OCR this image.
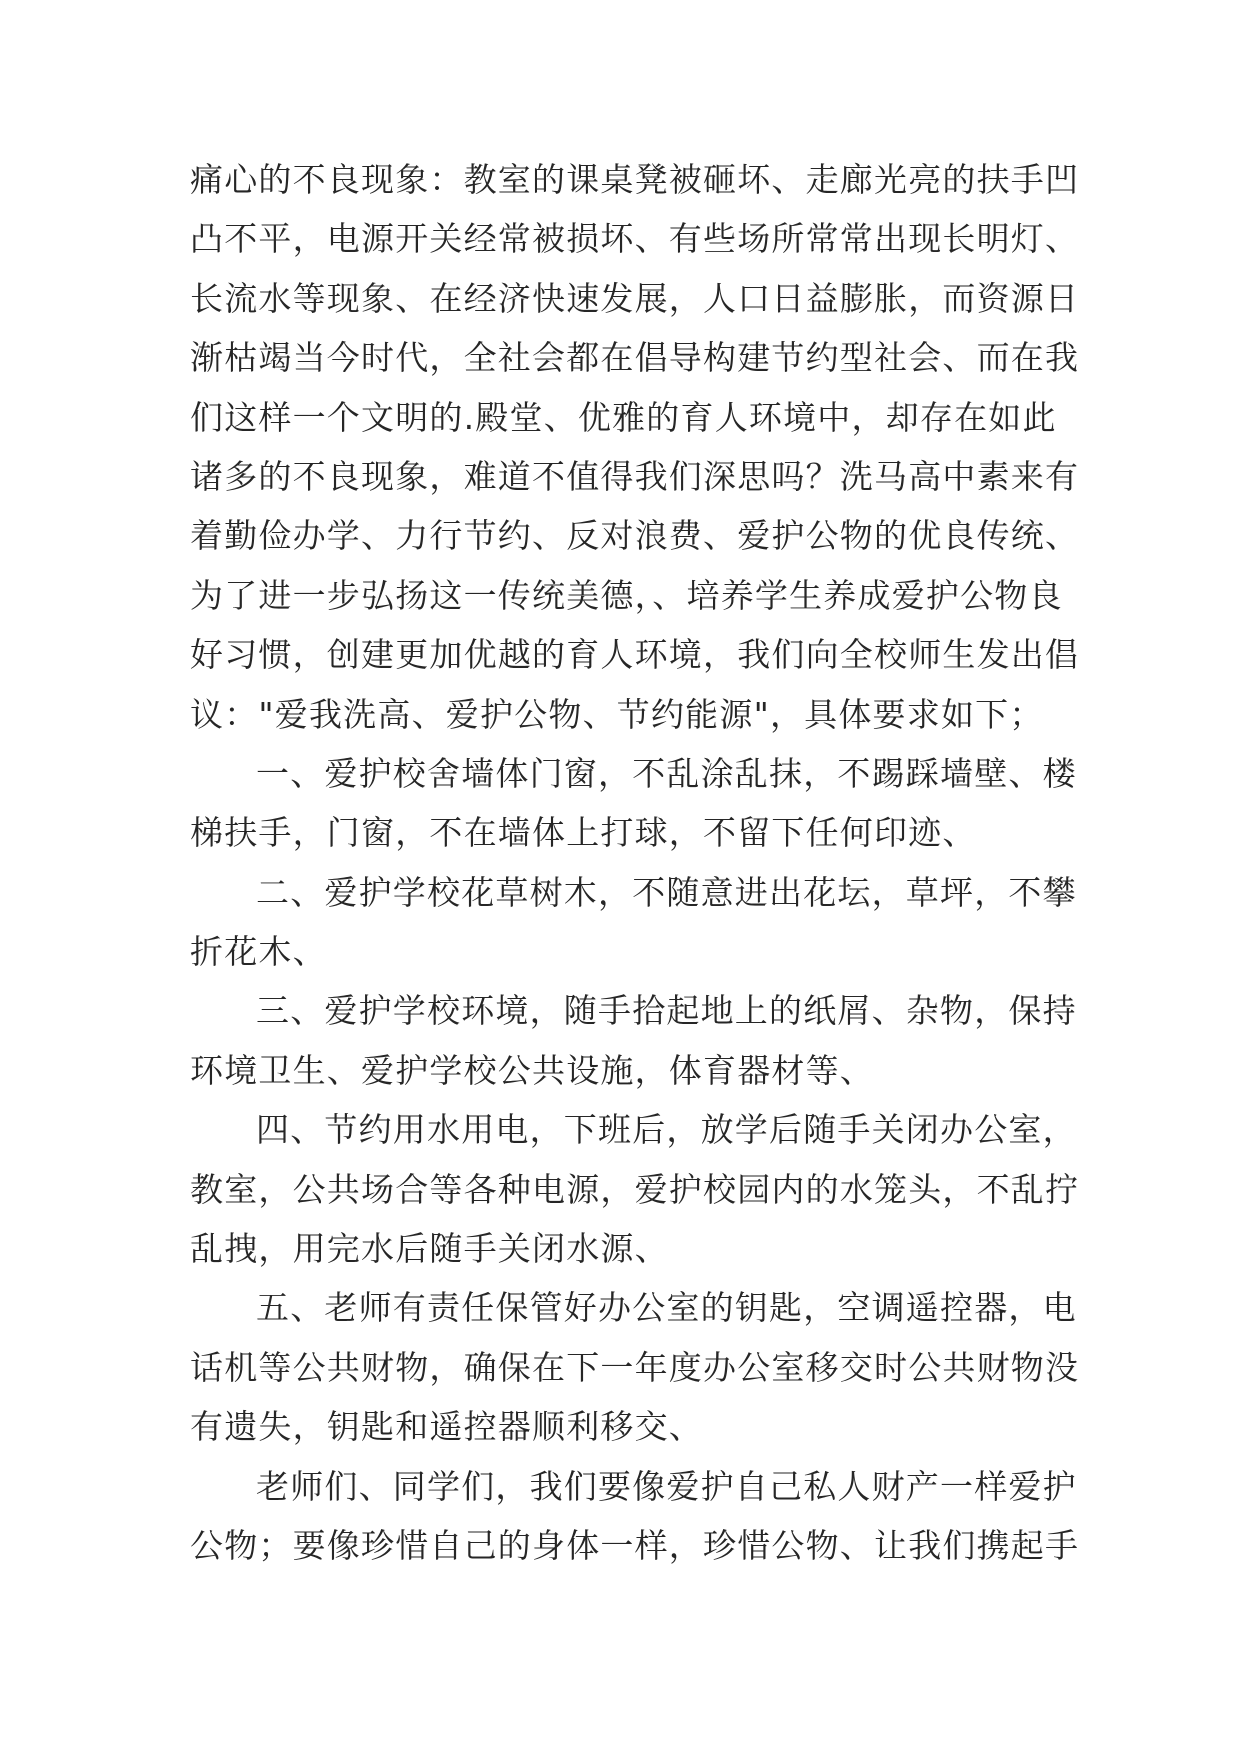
痛心的不良现象：教室的课桌凳被砸坏、走廊光亮的扶手凹
凸不平，电源开关经常被损坏、有些场所常常出现长明灯、
长流水等现象、在经济快速发展，人口日益膨胀，而资源日
渐枯竭当今时代，全社会都在倡导构建节约型社会、而在我
们这样一个文明的.殿堂、优雅的育人环境中，却存在如此
诸多的不良现象，难道不值得我们深思吗？洗马高中素来有
着勤俭办学、力行节约、反对浪费、爱护公物的优良传统、
为了进一步弘扬这一传统美德，、培养学生养成爱护公物良
好习惯，创建更加优越的育人环境，我们向全校师生发出倡
议："爱我洗高、爱护公物、节约能源"，具体要求如下；
一、爱护校舍墙体门窗，不乱涂乱抹，不踢踩墙壁、楼
梯扶手，门窗，不在墙体上打球，不留下任何印迹、
二、爱护学校花草树木，不随意进出花坛，草坪，不攀
折花木、
三、爱护学校环境，随手拾起地上的纸屑、杂物，保持
环境卫生、爱护学校公共设施，体育器材等、
四、节约用水用电，下班后，放学后随手关闭办公室，
教室，公共场合等各种电源，爱护校园内的水笼头，不乱拧
乱拽，用完水后随手关闭水源、
五、老师有责任保管好办公室的钥匙，空调遥控器，电
话机等公共财物，确保在下一年度办公室移交时公共财物没
有遗失，钥匙和遥控器顺利移交、
老师们、同学们，我们要像爱护自己私人财产一样爱护
公物；要像珍惜自己的身体一样，珍惜公物、让我们携起手
